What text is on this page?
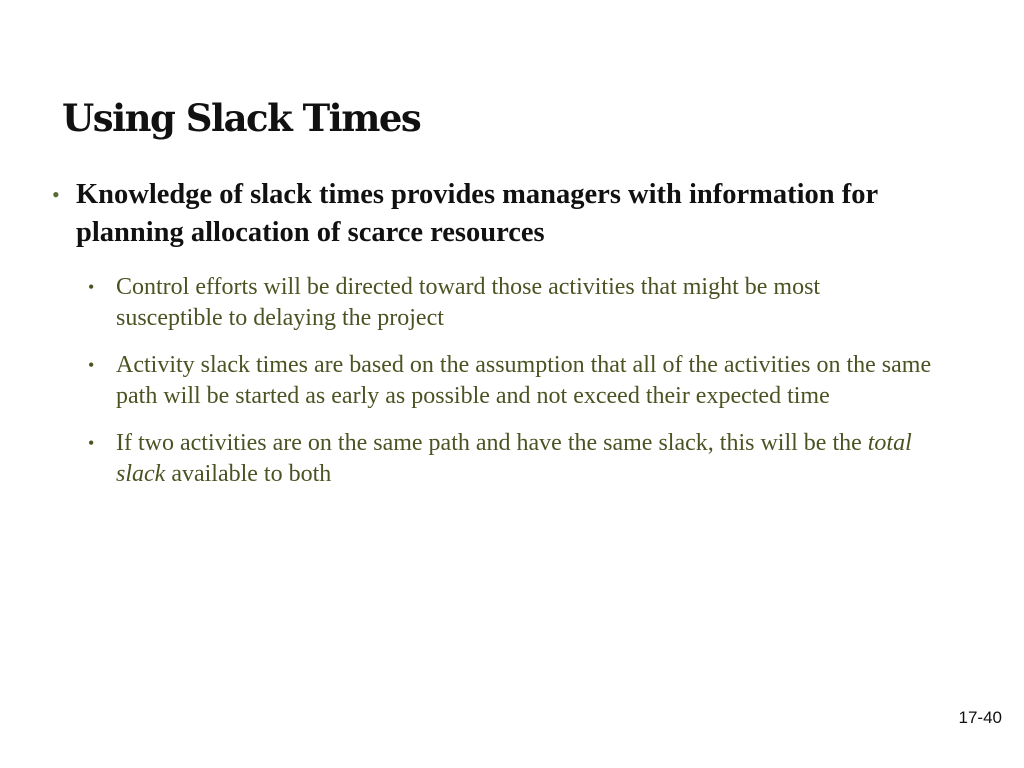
Using Slack Times
• Knowledge of slack times provides managers with information for planning allocation of scarce resources
• Control efforts will be directed toward those activities that might be most susceptible to delaying the project
• Activity slack times are based on the assumption that all of the activities on the same path will be started as early as possible and not exceed their expected time
• If two activities are on the same path and have the same slack, this will be the total slack available to both
17-40
